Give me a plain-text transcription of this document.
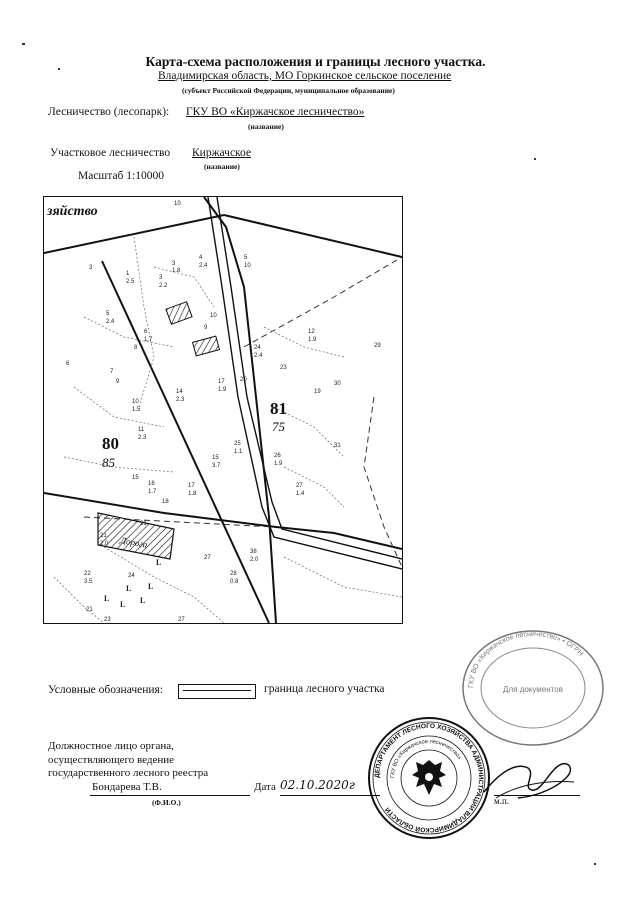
Карта-схема расположения и границы лесного участка.
Владимирская область, МО Горкинское сельское поселение
(субъект Российской Федерации, муниципальное образование)
Лесничество (лесопарк): ГКУ ВО «Киржачское лесничество»
(название)
Участковое лесничество Киржачское
(название)
Масштаб 1:10000
зяйство
81
75
80
85
Дорога
10
3
1
2.5
3
2.2
3
1.8
4
2.4
5
10
5
2.4
6
1.7
10
9
8
7
9
6
14
2.3
10
1.5
11
2.3
17
1.9
20
24
2.4
23
12
1.9
30
19
29
25
1.1
15
3.7
26
1.9
31
27
1.4
15
16
1.7
17
1.8
18
21
21
2.0
38
2.0
27
24
22
3.5
28
0.8
21
23	27
L
L
L
L
L
L
ГКУ ВО «Киржачское лесничество» • ОГРН
Для документов
Условные обозначения:	граница лесного участка
Должностное лицо органа, осуществляющего ведение государственного лесного реестра
Бондарева Т.В.
(Ф.И.О.)
Дата 02.10.2020г
ДЕПАРТАМЕНТ ЛЕСНОГО ХОЗЯЙСТВА АДМИНИСТРАЦИИ ВЛАДИМИРСКОЙ ОБЛАСТИ
ГКУ ВО «Киржачское лесничество»
м.п.
